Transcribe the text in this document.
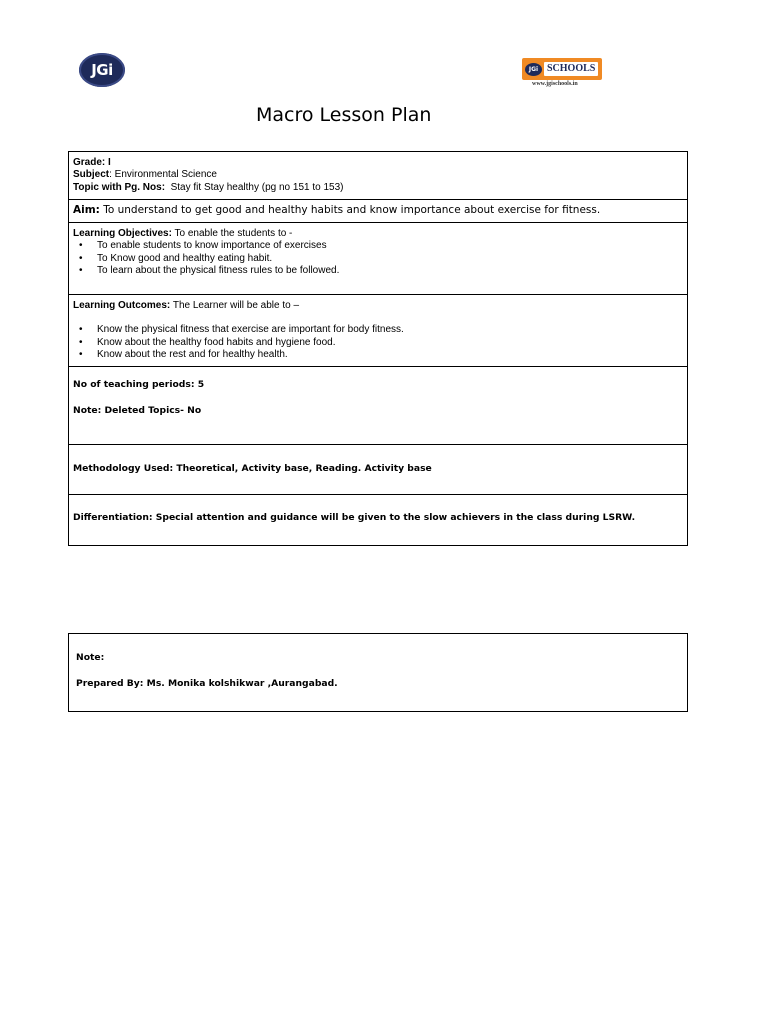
JGi	JGi SCHOOLS
www.jgischools.in
Macro Lesson Plan
Grade: I
Subject: Environmental Science
Topic with Pg. Nos: Stay fit Stay healthy (pg no 151 to 153)
Aim: To understand to get good and healthy habits and know importance about exercise for fitness.
Learning Objectives: To enable the students to -
• To enable students to know importance of exercises
• To Know good and healthy eating habit.
• To learn about the physical fitness rules to be followed.
Learning Outcomes: The Learner will be able to –
• Know the physical fitness that exercise are important for body fitness.
• Know about the healthy food habits and hygiene food.
• Know about the rest and for healthy health.
No of teaching periods: 5
Note: Deleted Topics- No
Methodology Used: Theoretical, Activity base, Reading. Activity base
Differentiation: Special attention and guidance will be given to the slow achievers in the class during LSRW.
Note:
Prepared By: Ms. Monika kolshikwar ,Aurangabad.
